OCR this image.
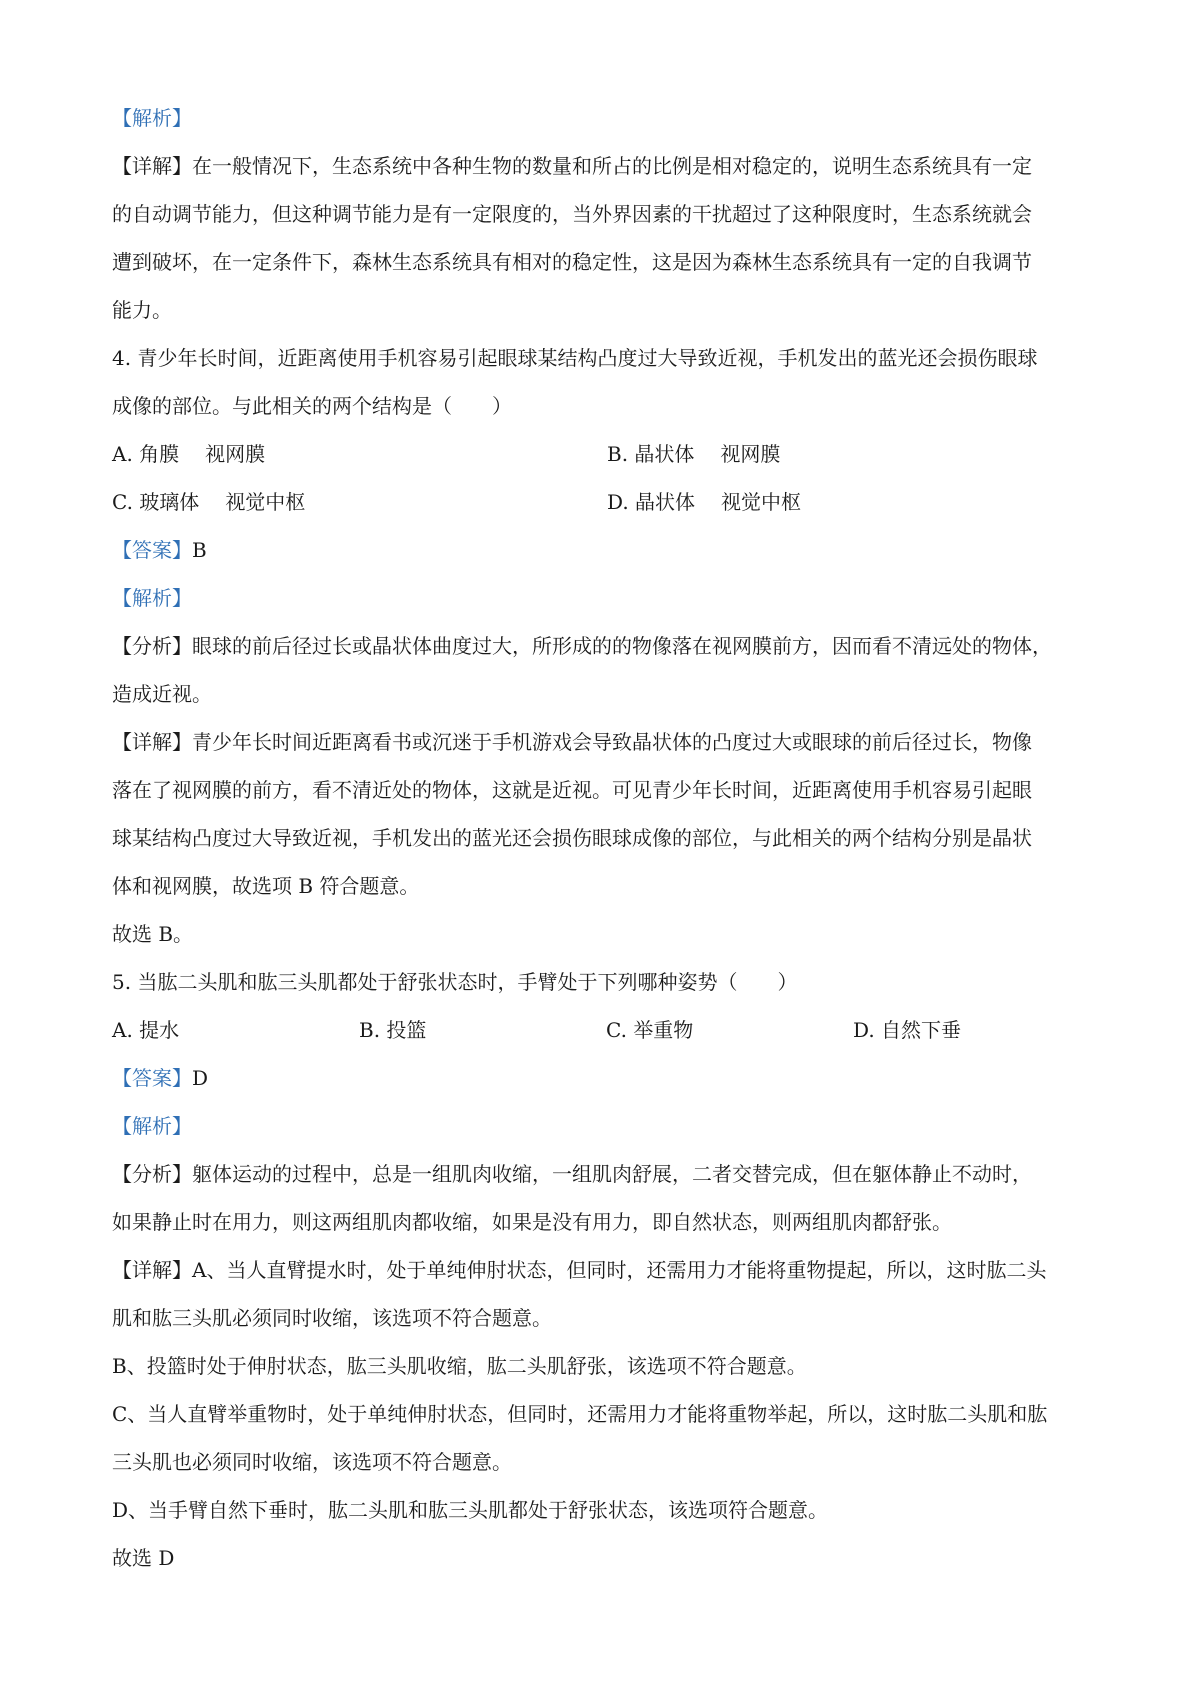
【解析】
【详解】在一般情况下，生态系统中各种生物的数量和所占的比例是相对稳定的，说明生态系统具有一定
的自动调节能力，但这种调节能力是有一定限度的，当外界因素的干扰超过了这种限度时，生态系统就会
遭到破坏，在一定条件下，森林生态系统具有相对的稳定性，这是因为森林生态系统具有一定的自我调节
能力。
4. 青少年长时间，近距离使用手机容易引起眼球某结构凸度过大导致近视，手机发出的蓝光还会损伤眼球
成像的部位。与此相关的两个结构是（　　）
A. 角膜 视网膜	B. 晶状体 视网膜
C. 玻璃体 视觉中枢	D. 晶状体 视觉中枢
【答案】B
【解析】
【分析】眼球的前后径过长或晶状体曲度过大，所形成的的物像落在视网膜前方，因而看不清远处的物体，
造成近视。
【详解】青少年长时间近距离看书或沉迷于手机游戏会导致晶状体的凸度过大或眼球的前后径过长，物像
落在了视网膜的前方，看不清近处的物体，这就是近视。可见青少年长时间，近距离使用手机容易引起眼
球某结构凸度过大导致近视，手机发出的蓝光还会损伤眼球成像的部位，与此相关的两个结构分别是晶状
体和视网膜，故选项 B 符合题意。
故选 B。
5. 当肱二头肌和肱三头肌都处于舒张状态时，手臂处于下列哪种姿势（　　）
A. 提水	B. 投篮	C. 举重物	D. 自然下垂
【答案】D
【解析】
【分析】躯体运动的过程中，总是一组肌肉收缩，一组肌肉舒展，二者交替完成，但在躯体静止不动时，
如果静止时在用力，则这两组肌肉都收缩，如果是没有用力，即自然状态，则两组肌肉都舒张。
【详解】A、当人直臂提水时，处于单纯伸肘状态，但同时，还需用力才能将重物提起，所以，这时肱二头
肌和肱三头肌必须同时收缩，该选项不符合题意。
B、投篮时处于伸肘状态，肱三头肌收缩，肱二头肌舒张，该选项不符合题意。
C、当人直臂举重物时，处于单纯伸肘状态，但同时，还需用力才能将重物举起，所以，这时肱二头肌和肱
三头肌也必须同时收缩，该选项不符合题意。
D、当手臂自然下垂时，肱二头肌和肱三头肌都处于舒张状态，该选项符合题意。
故选 D
